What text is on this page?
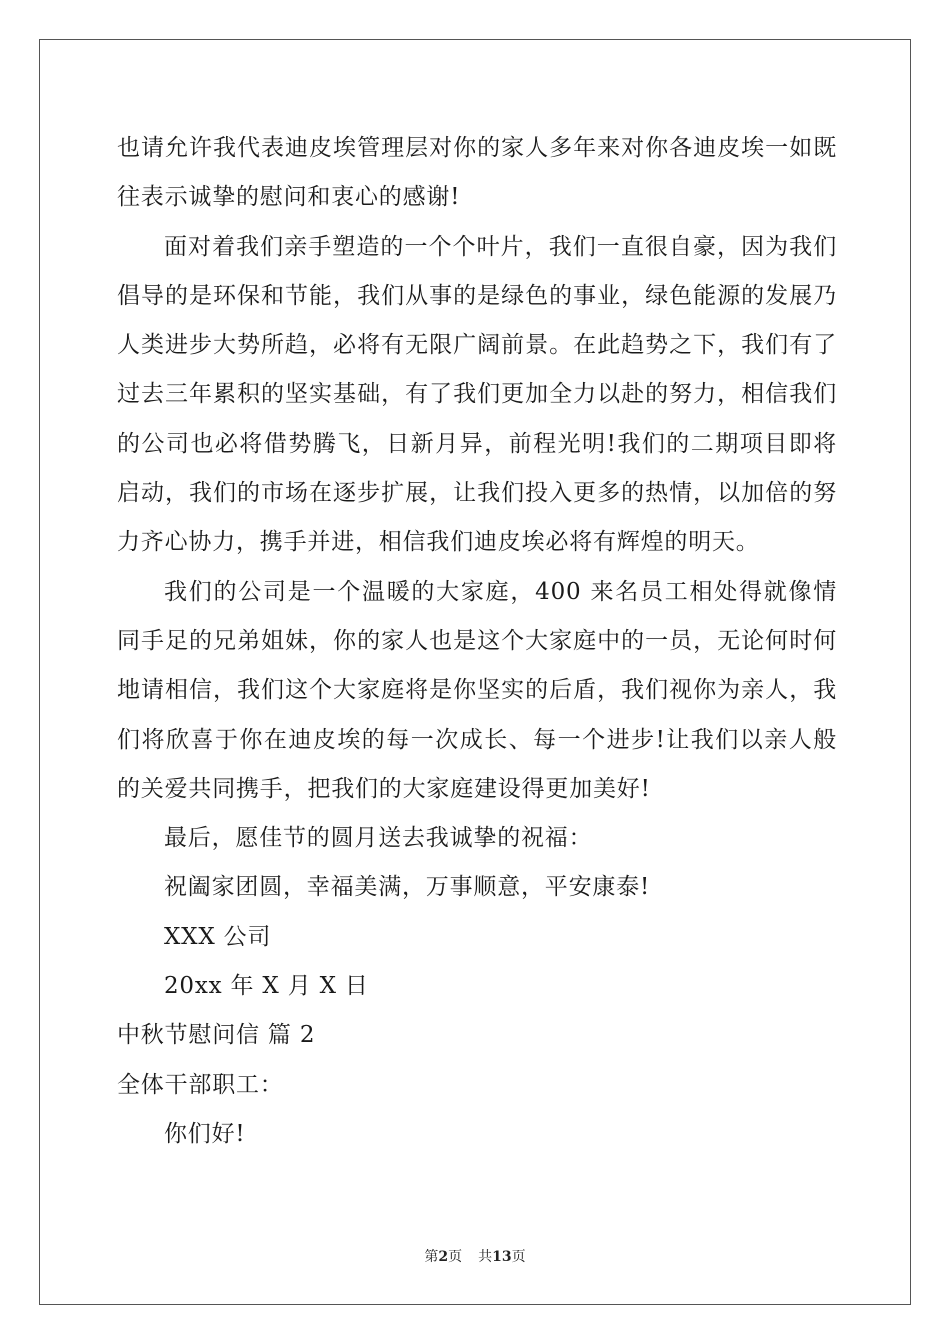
也请允许我代表迪皮埃管理层对你的家人多年来对你各迪皮埃一如既往表示诚挚的慰问和衷心的感谢!

面对着我们亲手塑造的一个个叶片，我们一直很自豪，因为我们倡导的是环保和节能，我们从事的是绿色的事业，绿色能源的发展乃人类进步大势所趋，必将有无限广阔前景。在此趋势之下，我们有了过去三年累积的坚实基础，有了我们更加全力以赴的努力，相信我们的公司也必将借势腾飞，日新月异，前程光明!我们的二期项目即将启动，我们的市场在逐步扩展，让我们投入更多的热情，以加倍的努力齐心协力，携手并进，相信我们迪皮埃必将有辉煌的明天。

我们的公司是一个温暖的大家庭，400 来名员工相处得就像情同手足的兄弟姐妹，你的家人也是这个大家庭中的一员，无论何时何地请相信，我们这个大家庭将是你坚实的后盾，我们视你为亲人，我们将欣喜于你在迪皮埃的每一次成长、每一个进步!让我们以亲人般的关爱共同携手，把我们的大家庭建设得更加美好!

最后，愿佳节的圆月送去我诚挚的祝福：

祝阖家团圆，幸福美满，万事顺意，平安康泰!

XXX 公司

20xx 年 X 月 X 日

中秋节慰问信 篇 2

全体干部职工：

你们好!

第2页 共13页
